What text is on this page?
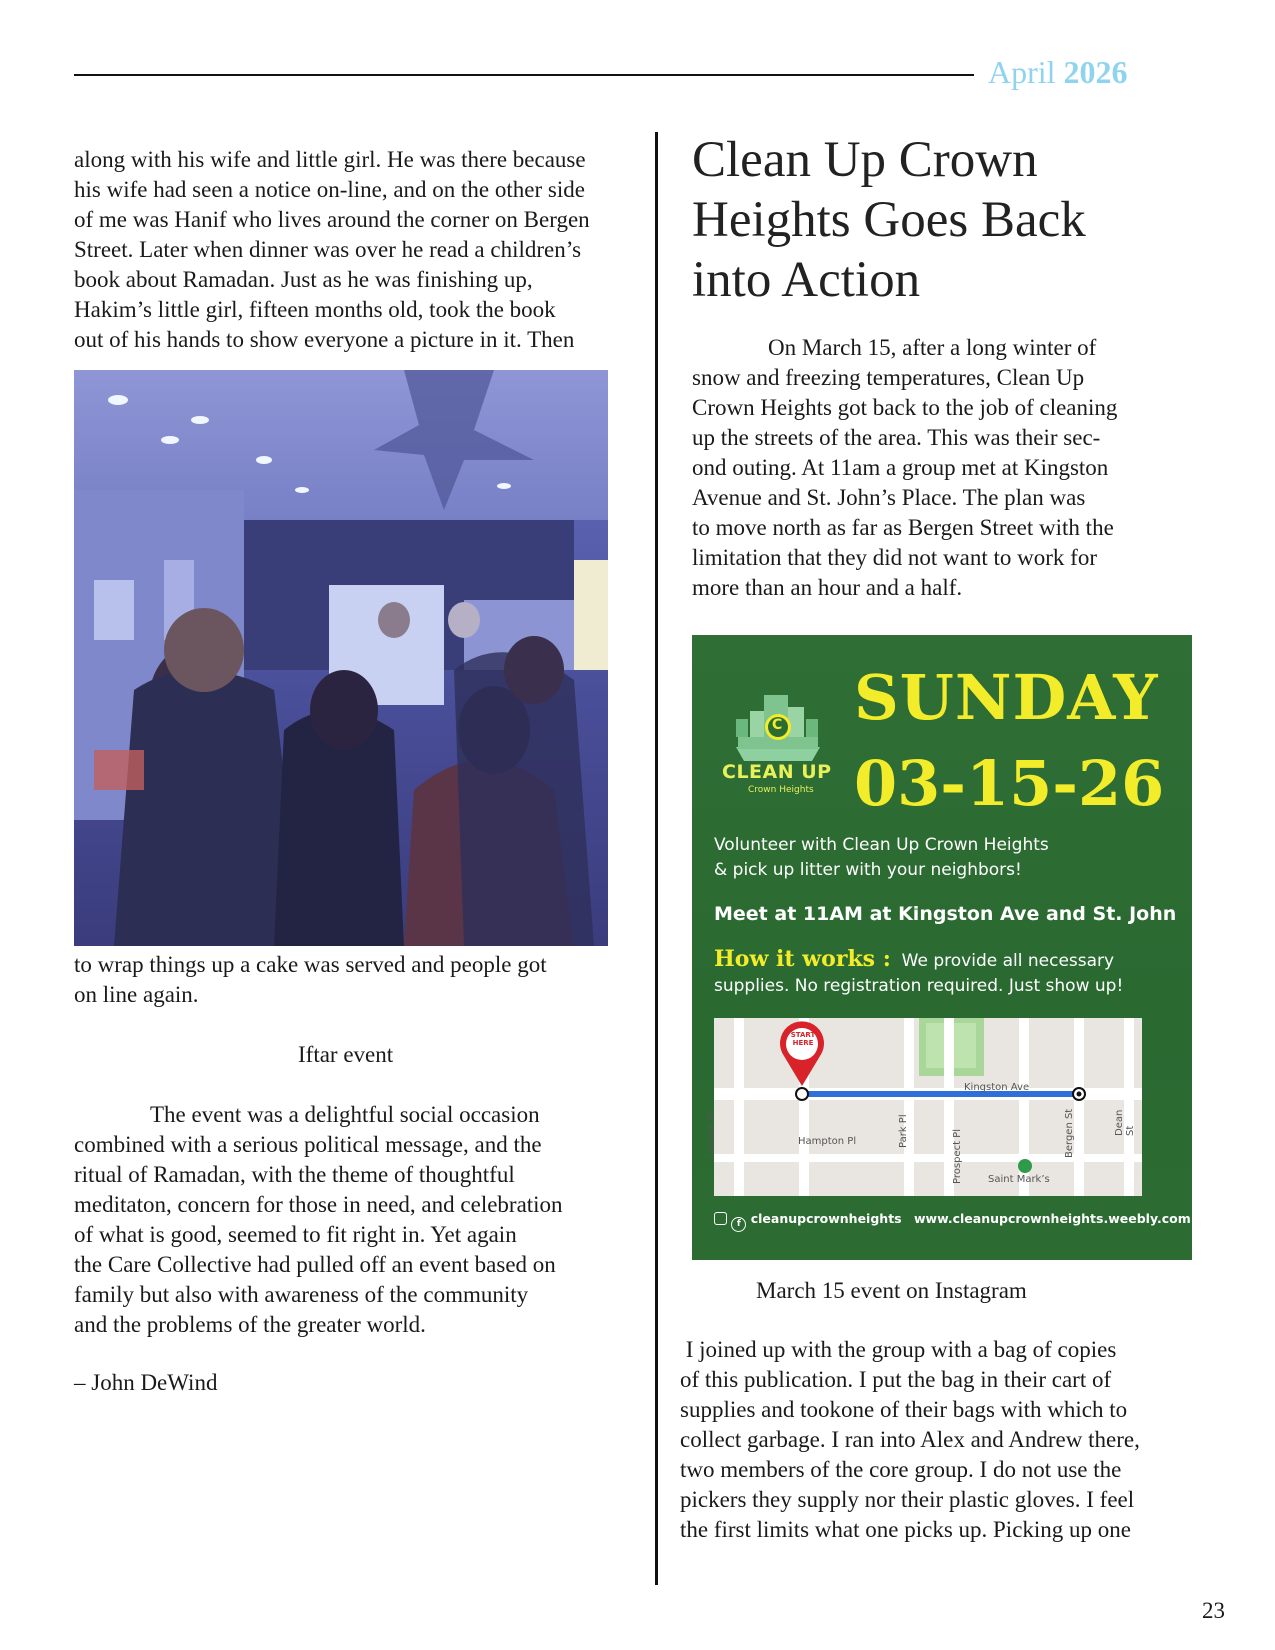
April 2026
along with his wife and little girl. He was there because
his wife had seen a notice on-line, and on the other side
of me was Hanif who lives around the corner on Bergen
Street. Later when dinner was over he read a children’s
book about Ramadan. Just as he was finishing up,
Hakim’s little girl, fifteen months old, took the book
out of his hands to show everyone a picture in it. Then
to wrap things up a cake was served and people got
on line again.
Iftar event
The event was a delightful social occasion
combined with a serious political message, and the
ritual of Ramadan, with the theme of thoughtful
meditaton, concern for those in need, and celebration
of what is good, seemed to fit right in. Yet again
the Care Collective had pulled off an event based on
family but also with awareness of the community
and the problems of the greater world.
– John DeWind
Clean Up Crown
Heights Goes Back
into Action
On March 15, after a long winter of
snow and freezing temperatures, Clean Up
Crown Heights got back to the job of cleaning
up the streets of the area. This was their sec-
ond outing. At 11am a group met at Kingston
Avenue and St. John’s Place. The plan was
to move north as far as Bergen Street with the
limitation that they did not want to work for
more than an hour and a half.
C
CLEAN UP
Crown Heights
SUNDAY
03-15-26
Volunteer with Clean Up Crown Heights
& pick up litter with your neighbors!
Meet at 11AM at Kingston Ave and St. John
How it works : We provide all necessary
supplies. No registration required. Just show up!
START
HERE
Kingston Ave
Hampton Pl
Saint Mark’s
Lincoln Pl	Park Pl	Prospect Pl	Bergen St	Dean St
f cleanupcrownheights www.cleanupcrownheights.weebly.com
March 15 event on Instagram
I joined up with the group with a bag of copies
of this publication. I put the bag in their cart of
supplies and tookone of their bags with which to
collect garbage. I ran into Alex and Andrew there,
two members of the core group. I do not use the
pickers they supply nor their plastic gloves. I feel
the first limits what one picks up. Picking up one
23
